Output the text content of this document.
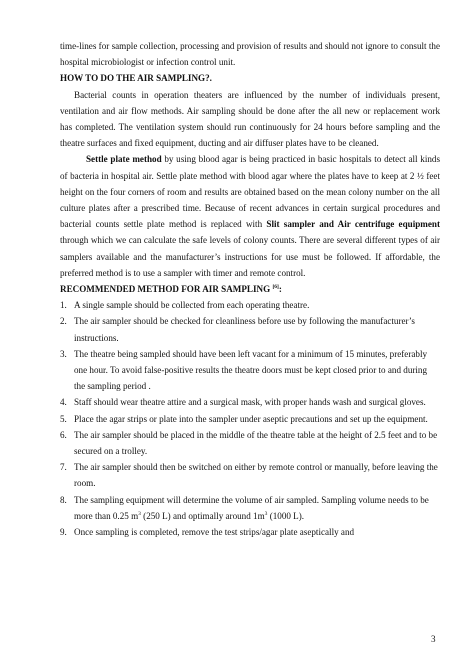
time-lines for sample collection, processing and provision of results and should not ignore to consult the hospital microbiologist or infection control unit.

HOW TO DO THE AIR SAMPLING?.

Bacterial counts in operation theaters are influenced by the number of individuals present, ventilation and air flow methods. Air sampling should be done after the all new or replacement work has completed. The ventilation system should run continuously for 24 hours before sampling and the theatre surfaces and fixed equipment, ducting and air diffuser plates have to be cleaned.

Settle plate method by using blood agar is being practiced in basic hospitals to detect all kinds of bacteria in hospital air. Settle plate method with blood agar where the plates have to keep at 2 ½ feet height on the four corners of room and results are obtained based on the mean colony number on the all culture plates after a prescribed time. Because of recent advances in certain surgical procedures and bacterial counts settle plate method is replaced with Slit sampler and Air centrifuge equipment through which we can calculate the safe levels of colony counts. There are several different types of air samplers available and the manufacturer’s instructions for use must be followed. If affordable, the preferred method is to use a sampler with timer and remote control.

RECOMMENDED METHOD FOR AIR SAMPLING [6]:

1. A single sample should be collected from each operating theatre.
2. The air sampler should be checked for cleanliness before use by following the manufacturer’s instructions.
3. The theatre being sampled should have been left vacant for a minimum of 15 minutes, preferably one hour. To avoid false-positive results the theatre doors must be kept closed prior to and during the sampling period .
4. Staff should wear theatre attire and a surgical mask, with proper hands wash and surgical gloves.
5. Place the agar strips or plate into the sampler under aseptic precautions and set up the equipment.
6. The air sampler should be placed in the middle of the theatre table at the height of 2.5 feet and to be secured on a trolley.
7. The air sampler should then be switched on either by remote control or manually, before leaving the room.
8. The sampling equipment will determine the volume of air sampled. Sampling volume needs to be more than 0.25 $m^3$ (250 L) and optimally around $1m^3$ (1000 L).
9. Once sampling is completed, remove the test strips/agar plate aseptically and
3
